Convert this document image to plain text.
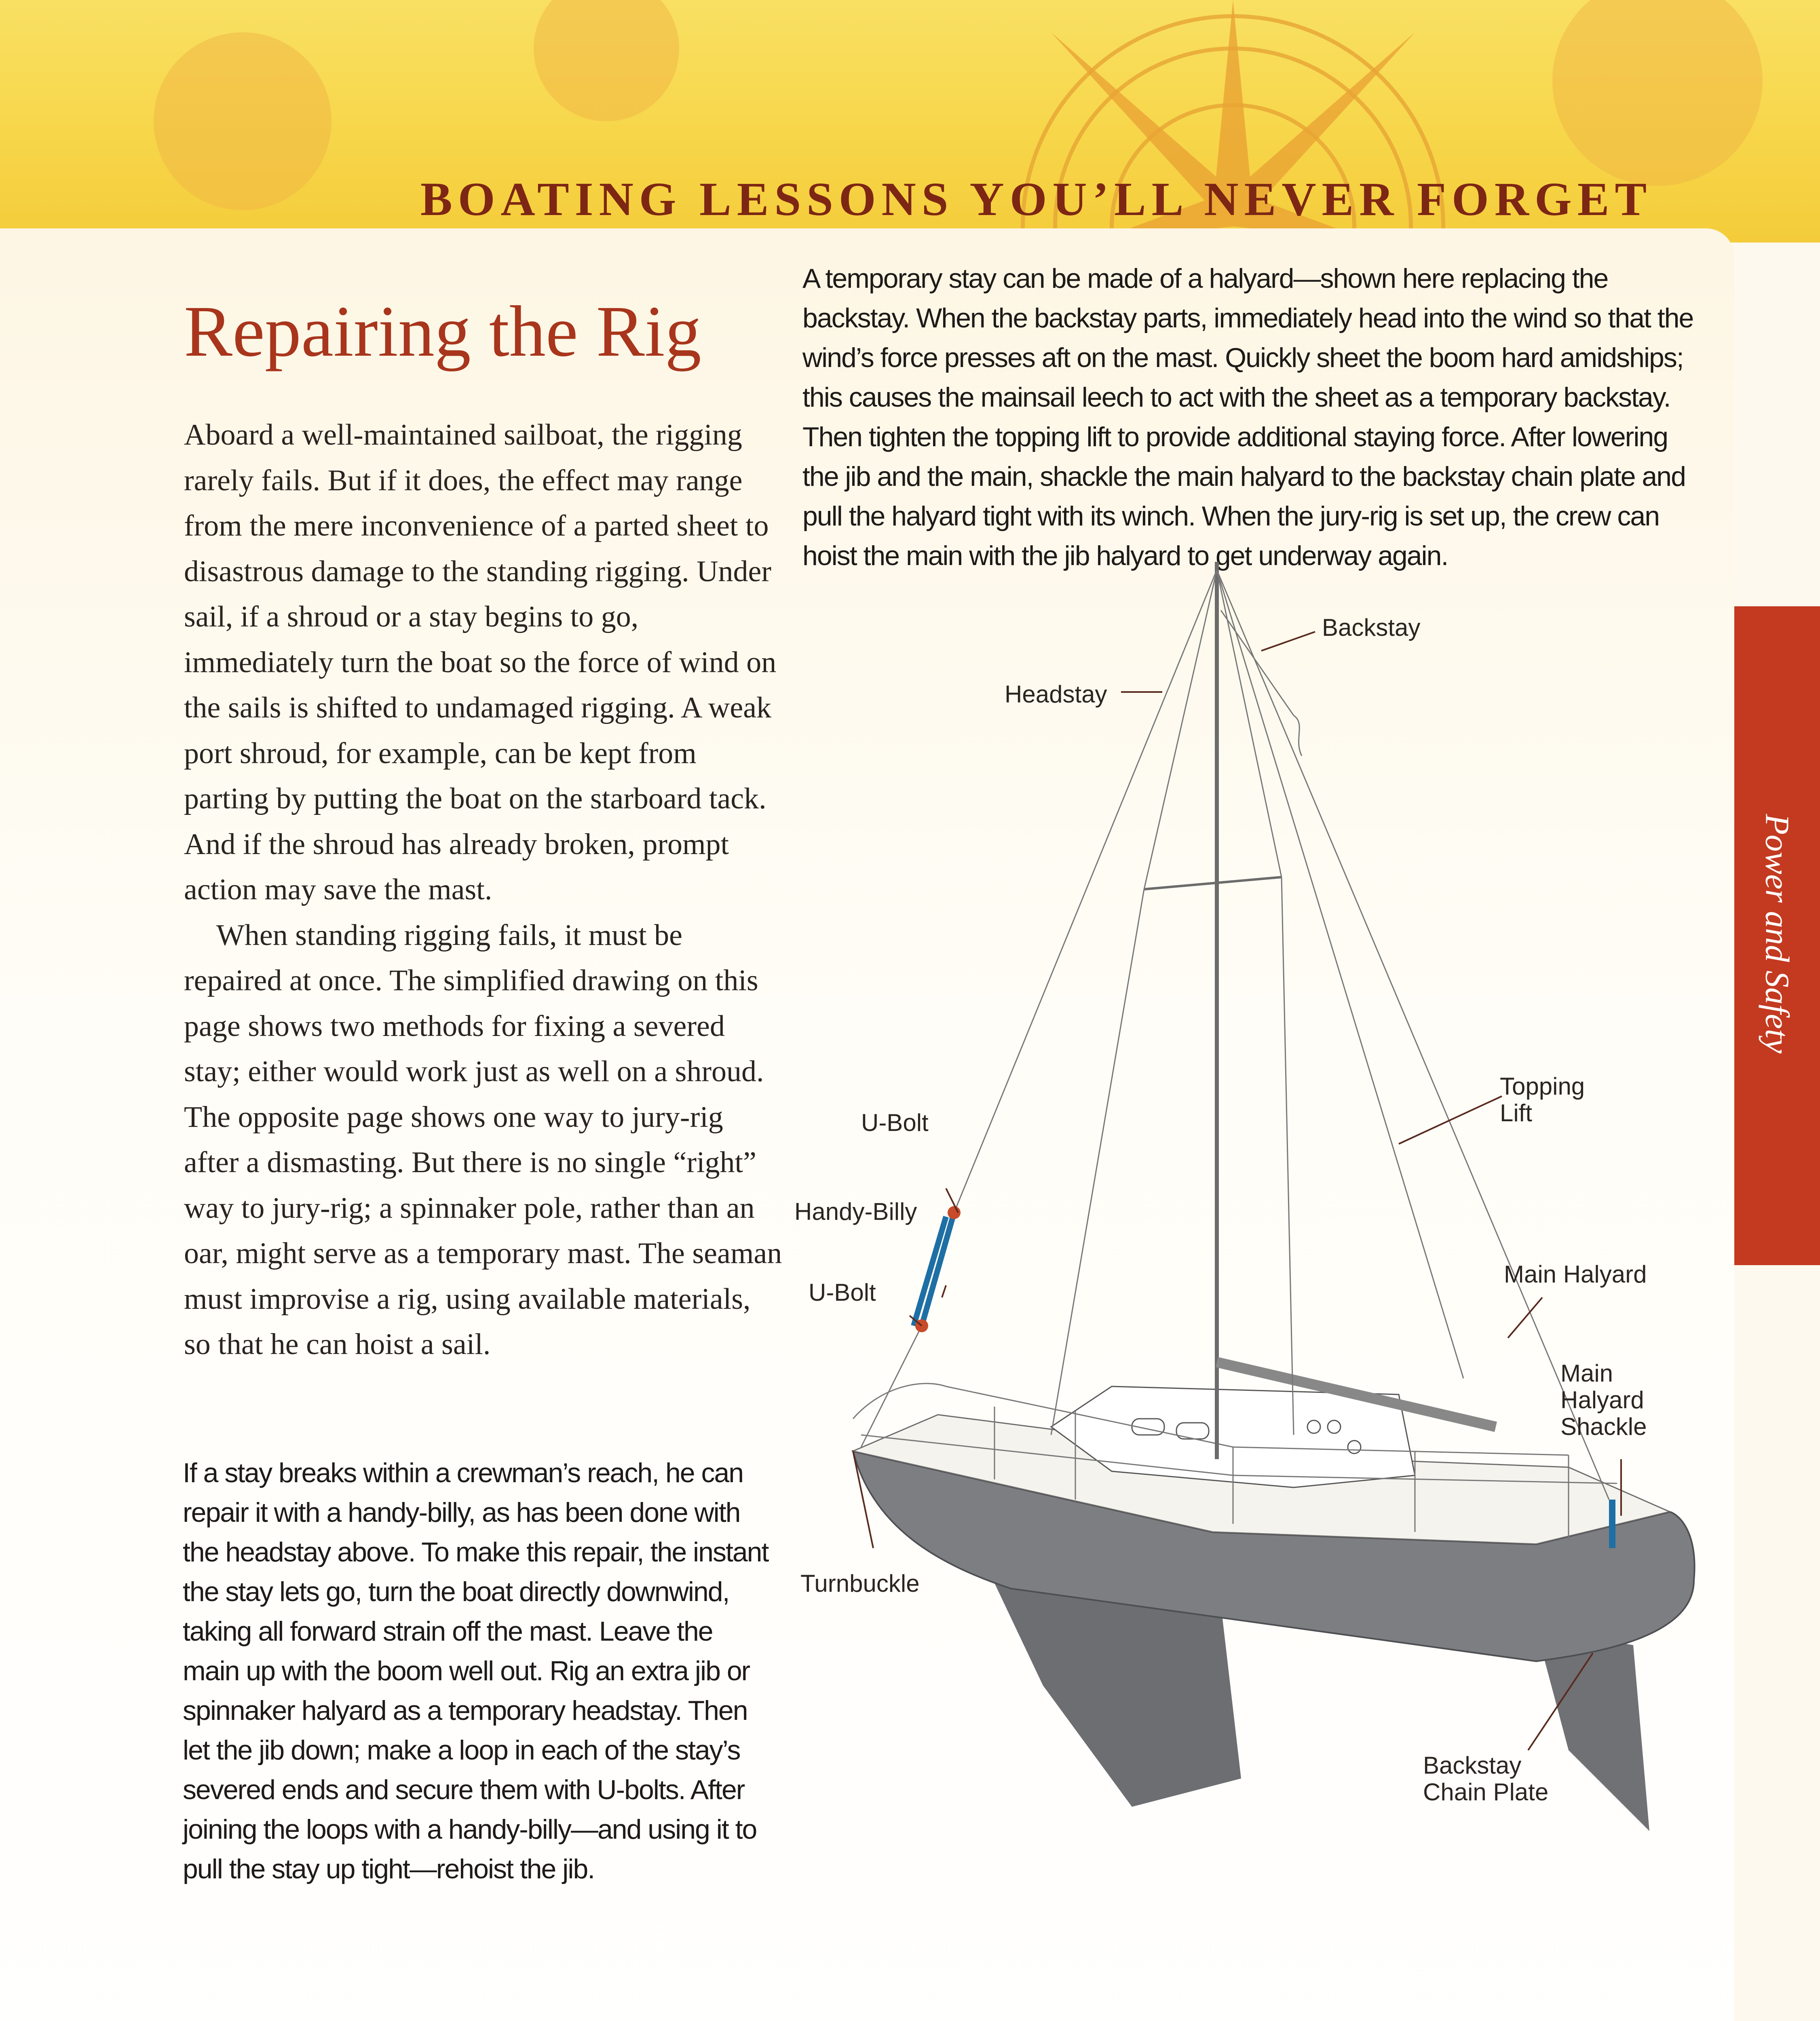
BOATING LESSONS YOU’LL NEVER FORGET
Repairing the Rig

Aboard a well-maintained sailboat, the rigging rarely fails. But if it does, the effect may range from the mere inconvenience of a parted sheet to disastrous damage to the standing rigging. Under sail, if a shroud or a stay begins to go, immediately turn the boat so the force of wind on the sails is shifted to undamaged rigging. A weak port shroud, for example, can be kept from parting by putting the boat on the starboard tack. And if the shroud has already broken, prompt action may save the mast.

When standing rigging fails, it must be repaired at once. The simplified drawing on this page shows two methods for fixing a severed stay; either would work just as well on a shroud. The opposite page shows one way to jury-rig after a dismasting. But there is no single “right” way to jury-rig; a spinnaker pole, rather than an oar, might serve as a temporary mast. The seaman must improvise a rig, using available materials, so that he can hoist a sail.

A temporary stay can be made of a halyard—shown here replacing the backstay. When the backstay parts, immediately head into the wind so that the wind’s force presses aft on the mast. Quickly sheet the boom hard amidships; this causes the mainsail leech to act with the sheet as a temporary backstay. Then tighten the topping lift to provide additional staying force. After lowering the jib and the main, shackle the main halyard to the backstay chain plate and pull the halyard tight with its winch. When the jury-rig is set up, the crew can hoist the main with the jib halyard to get underway again.
If a stay breaks within a crewman’s reach, he can repair it with a handy-billy, as has been done with the headstay above. To make this repair, the instant the stay lets go, turn the boat directly downwind, taking all forward strain off the mast. Leave the main up with the boom well out. Rig an extra jib or spinnaker halyard as a temporary headstay. Then let the jib down; make a loop in each of the stay’s severed ends and secure them with U-bolts. After joining the loops with a handy-billy—and using it to pull the stay up tight—rehoist the jib.
Backstay
Headstay
Topping
Lift
U-Bolt
Handy-Billy
U-Bolt
Main Halyard
Main
Halyard
Shackle
Turnbuckle
Backstay
Chain Plate
Power and Safety
